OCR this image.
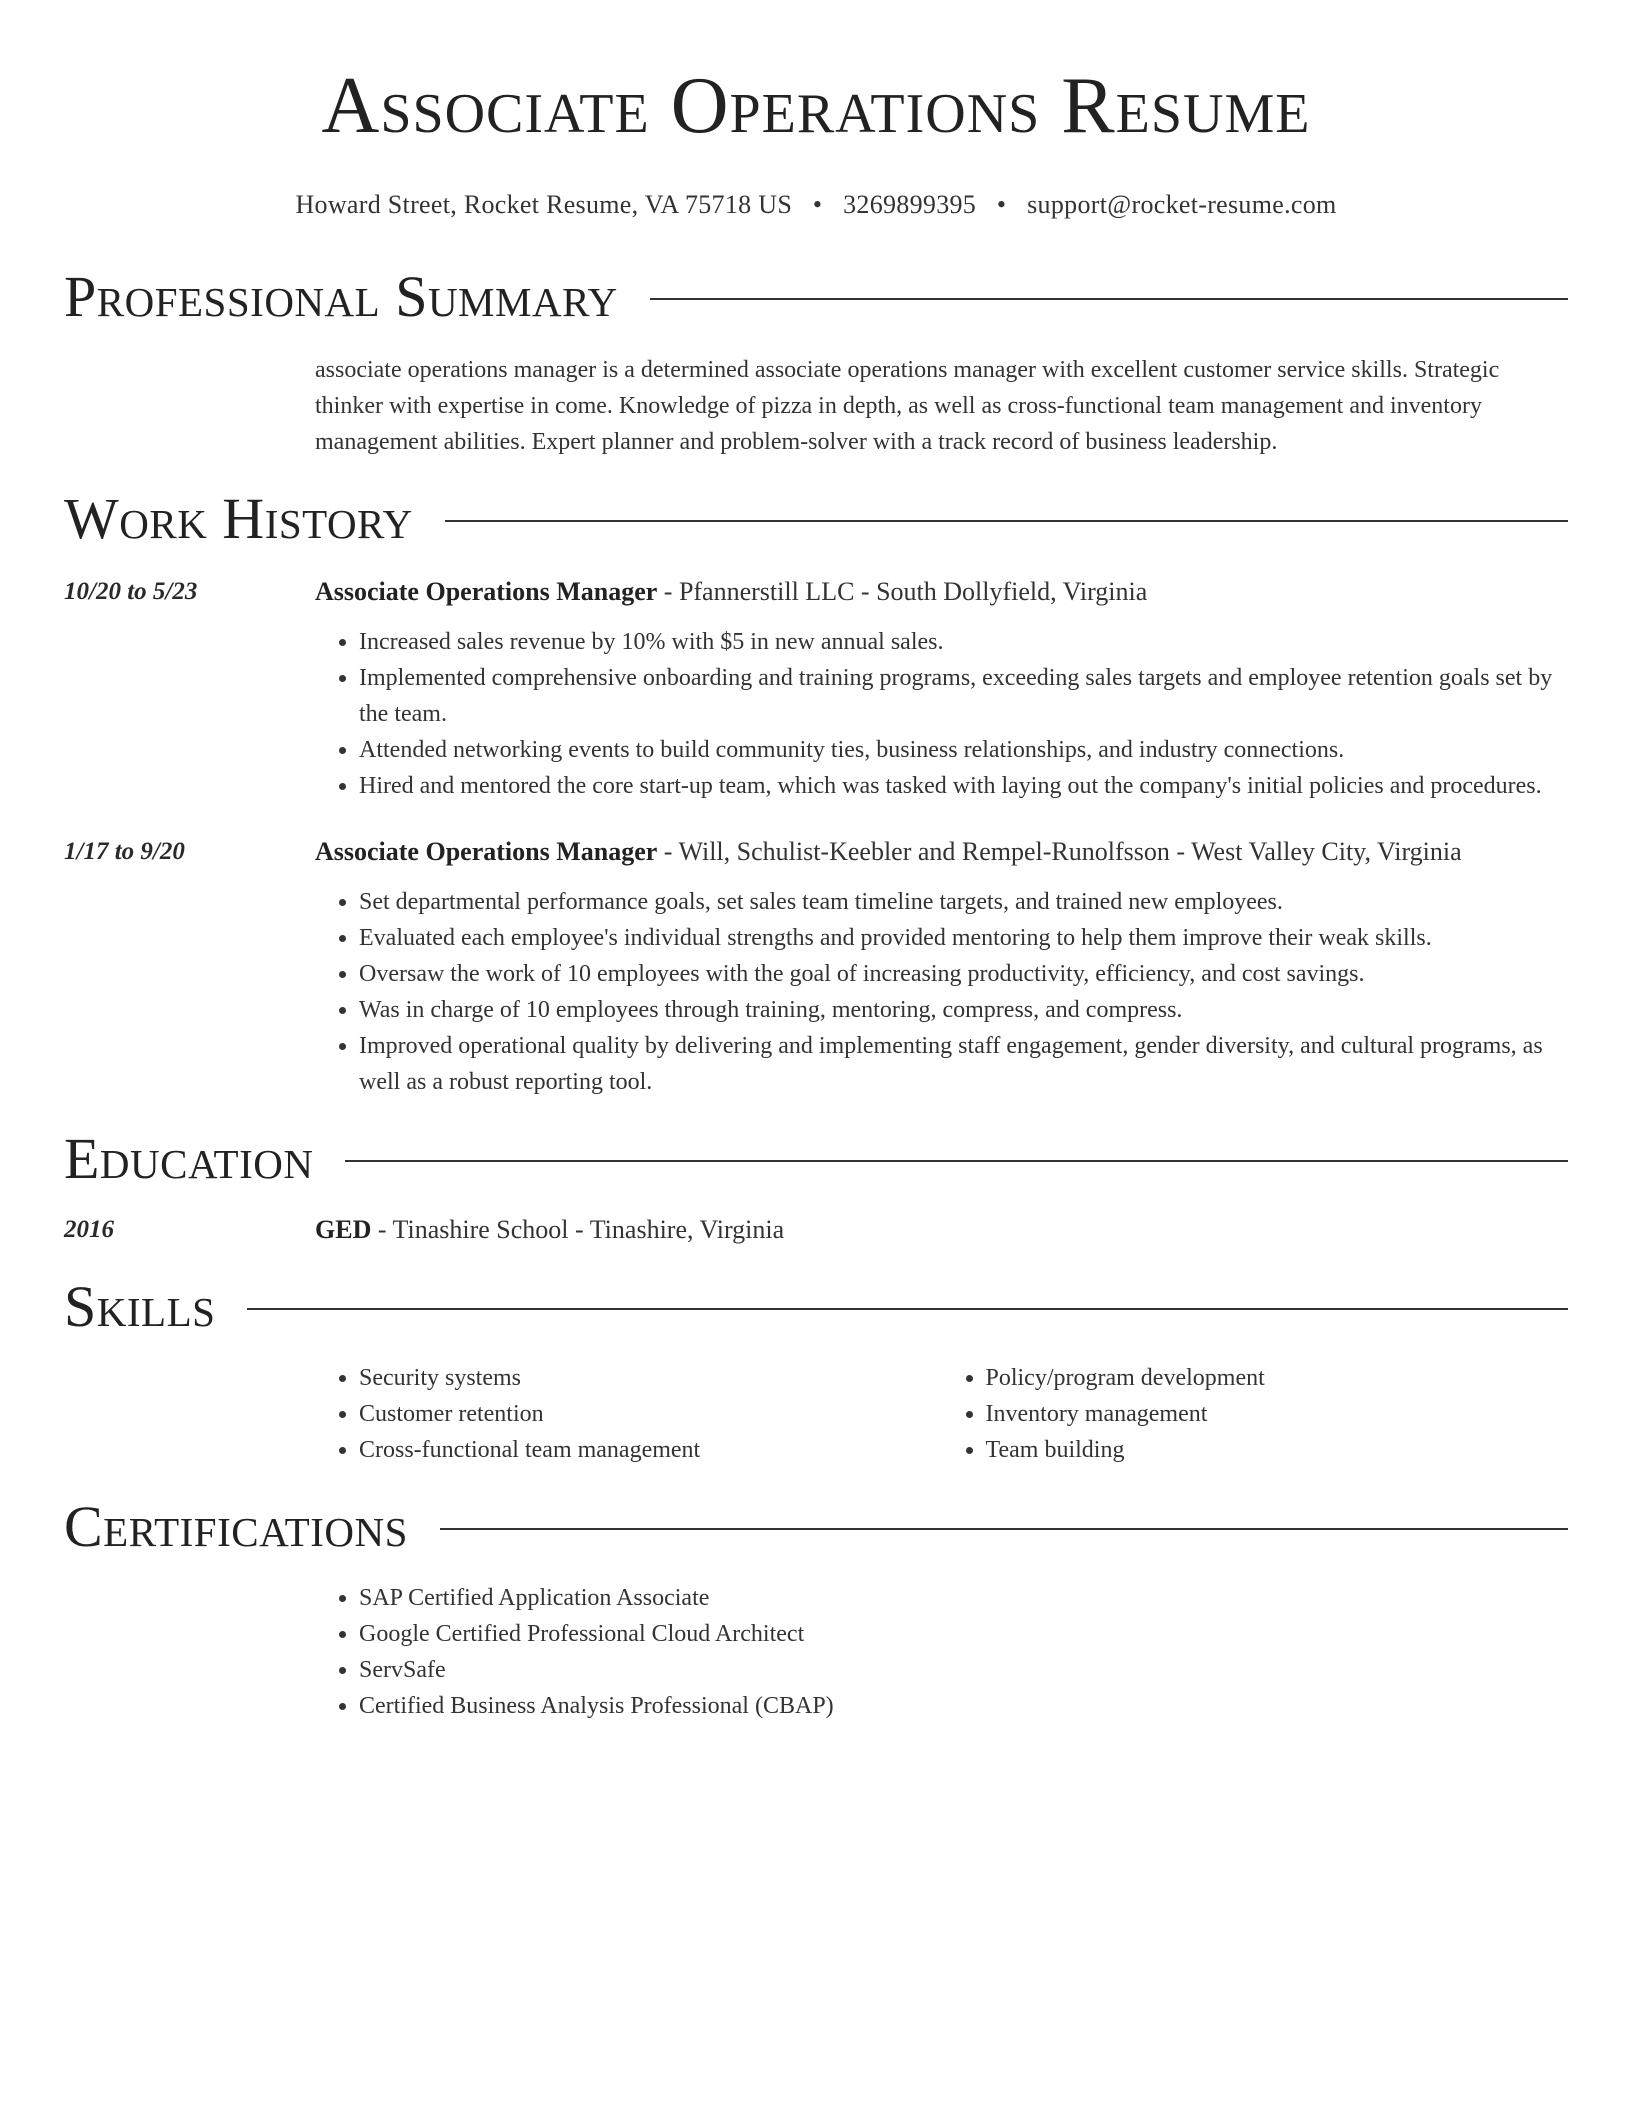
Associate Operations Resume
Howard Street, Rocket Resume, VA 75718 US • 3269899395 • support@rocket-resume.com
Professional Summary
associate operations manager is a determined associate operations manager with excellent customer service skills. Strategic thinker with expertise in come. Knowledge of pizza in depth, as well as cross-functional team management and inventory management abilities. Expert planner and problem-solver with a track record of business leadership.
Work History
10/20 to 5/23	Associate Operations Manager - Pfannerstill LLC - South Dollyfield, Virginia
• Increased sales revenue by 10% with $5 in new annual sales.
• Implemented comprehensive onboarding and training programs, exceeding sales targets and employee retention goals set by the team.
• Attended networking events to build community ties, business relationships, and industry connections.
• Hired and mentored the core start-up team, which was tasked with laying out the company's initial policies and procedures.
1/17 to 9/20	Associate Operations Manager - Will, Schulist-Keebler and Rempel-Runolfsson - West Valley City, Virginia
• Set departmental performance goals, set sales team timeline targets, and trained new employees.
• Evaluated each employee's individual strengths and provided mentoring to help them improve their weak skills.
• Oversaw the work of 10 employees with the goal of increasing productivity, efficiency, and cost savings.
• Was in charge of 10 employees through training, mentoring, compress, and compress.
• Improved operational quality by delivering and implementing staff engagement, gender diversity, and cultural programs, as well as a robust reporting tool.
Education
2016	GED - Tinashire School - Tinashire, Virginia
Skills
• Security systems
• Customer retention
• Cross-functional team management
• Policy/program development
• Inventory management
• Team building
Certifications
• SAP Certified Application Associate
• Google Certified Professional Cloud Architect
• ServSafe
• Certified Business Analysis Professional (CBAP)
